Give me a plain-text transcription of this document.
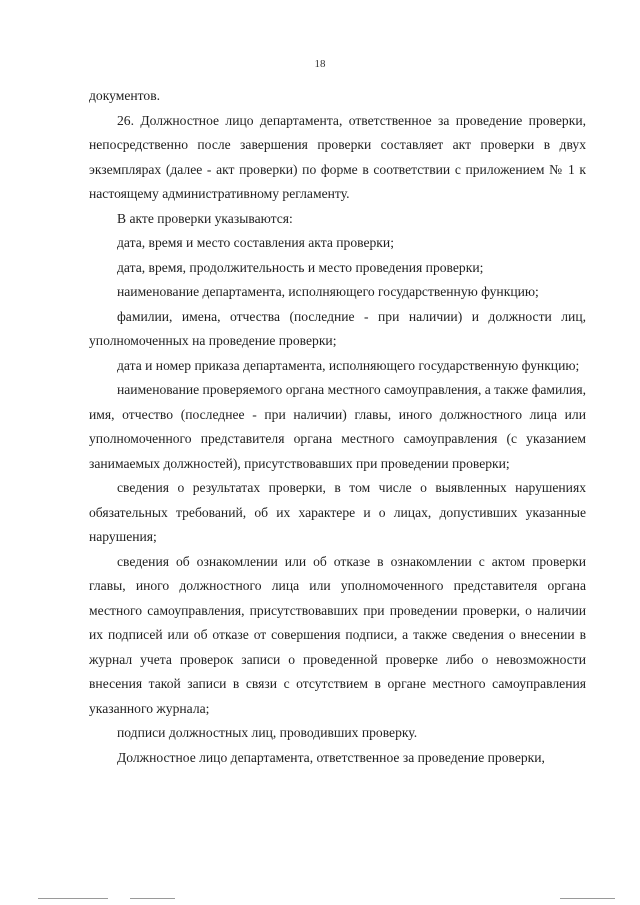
18

документов.

26. Должностное лицо департамента, ответственное за проведение проверки, непосредственно после завершения проверки составляет акт проверки в двух экземплярах (далее - акт проверки) по форме в соответствии с приложением № 1 к настоящему административному регламенту.

В акте проверки указываются:

дата, время и место составления акта проверки;

дата, время, продолжительность и место проведения проверки;

наименование департамента, исполняющего государственную функцию;

фамилии, имена, отчества (последние - при наличии) и должности лиц, уполномоченных на проведение проверки;

дата и номер приказа департамента, исполняющего государственную функцию;

наименование проверяемого органа местного самоуправления, а также фамилия, имя, отчество (последнее - при наличии) главы, иного должностного лица или уполномоченного представителя органа местного самоуправления (с указанием занимаемых должностей), присутствовавших при проведении проверки;

сведения о результатах проверки, в том числе о выявленных нарушениях обязательных требований, об их характере и о лицах, допустивших указанные нарушения;

сведения об ознакомлении или об отказе в ознакомлении с актом проверки главы, иного должностного лица или уполномоченного представителя органа местного самоуправления, присутствовавших при проведении проверки, о наличии их подписей или об отказе от совершения подписи, а также сведения о внесении в журнал учета проверок записи о проведенной проверке либо о невозможности внесения такой записи в связи с отсутствием в органе местного самоуправления указанного журнала;

подписи должностных лиц, проводивших проверку.

Должностное лицо департамента, ответственное за проведение проверки,
